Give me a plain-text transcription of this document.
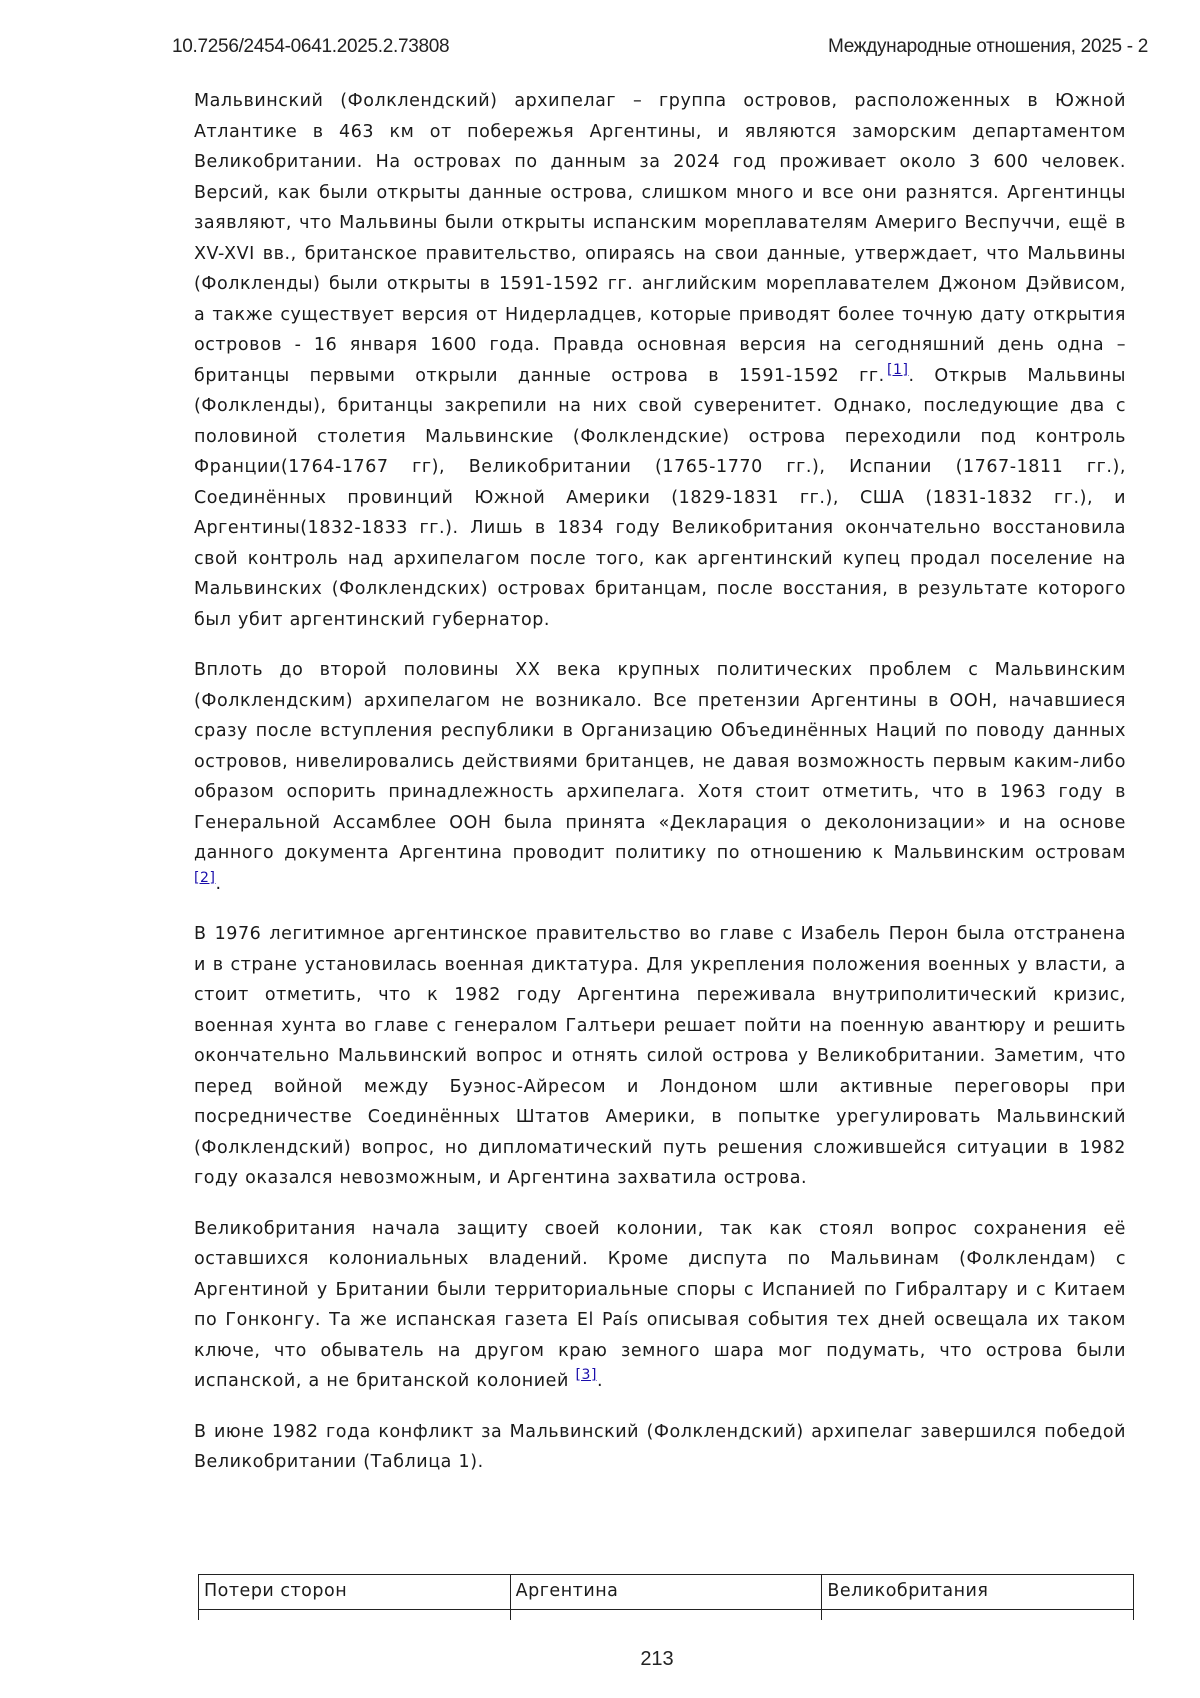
10.7256/2454-0641.2025.2.73808	Международные отношения, 2025 - 2

Мальвинский (Фолклендский) архипелаг – группа островов, расположенных в Южной Атлантике в 463 км от побережья Аргентины, и являются заморским департаментом Великобритании. На островах по данным за 2024 год проживает около 3 600 человек. Версий, как были открыты данные острова, слишком много и все они разнятся. Аргентинцы заявляют, что Мальвины были открыты испанским мореплавателям Америго Веспуччи, ещё в XV-XVI вв., британское правительство, опираясь на свои данные, утверждает, что Мальвины (Фолкленды) были открыты в 1591-1592 гг. английским мореплавателем Джоном Дэйвисом, а также существует версия от Нидерладцев, которые приводят более точную дату открытия островов - 16 января 1600 года. Правда основная версия на сегодняшний день одна – британцы первыми открыли данные острова в 1591-1592 гг.  [1]. Открыв Мальвины (Фолкленды), британцы закрепили на них свой суверенитет. Однако, последующие два с половиной столетия Мальвинские (Фолклендские) острова переходили под контроль Франции(1764-1767 гг), Великобритании (1765-1770 гг.), Испании (1767-1811 гг.), Соединённых провинций Южной Америки (1829-1831 гг.), США (1831-1832 гг.), и Аргентины(1832-1833 гг.). Лишь в 1834 году Великобритания окончательно восстановила свой контроль над архипелагом после того, как аргентинский купец продал поселение на Мальвинских (Фолклендских) островах британцам, после восстания, в результате которого был убит аргентинский губернатор.

Вплоть до второй половины XX века крупных политических проблем с Мальвинским (Фолклендским) архипелагом не возникало. Все претензии Аргентины в ООН, начавшиеся сразу после вступления республики в Организацию Объединённых Наций по поводу данных островов, нивелировались действиями британцев, не давая возможность первым каким-либо образом оспорить принадлежность архипелага. Хотя стоит отметить, что в 1963 году в Генеральной Ассамблее ООН была принята «Декларация о деколонизации» и на основе данного документа Аргентина проводит политику по отношению к Мальвинским островам [2].

В 1976 легитимное аргентинское правительство во главе с Изабель Перон была отстранена и в стране установилась военная диктатура. Для укрепления положения военных у власти, а стоит отметить, что к 1982 году Аргентина переживала внутриполитический кризис, военная хунта во главе с генералом Галтьери решает пойти на поенную авантюру и решить окончательно Мальвинский вопрос и отнять силой острова у Великобритании. Заметим, что перед войной между Буэнос-Айресом и Лондоном шли активные переговоры при посредничестве Соединённых Штатов Америки, в попытке урегулировать Мальвинский (Фолклендский) вопрос, но дипломатический путь решения сложившейся ситуации в 1982 году оказался невозможным, и Аргентина захватила острова.

Великобритания начала защиту своей колонии, так как стоял вопрос сохранения её оставшихся колониальных владений. Кроме диспута по Мальвинам (Фолклендам) с Аргентиной у Британии были территориальные споры с Испанией по Гибралтару и с Китаем по Гонконгу. Та же испанская газета El País описывая события тех дней освещала их таком ключе, что обыватель на другом краю земного шара мог подумать, что острова были испанской, а не британской колонией [3].

В июне 1982 года конфликт за Мальвинский (Фолклендский) архипелаг завершился победой Великобритании (Таблица 1).

Потери сторон	Аргентина	Великобритания

213
